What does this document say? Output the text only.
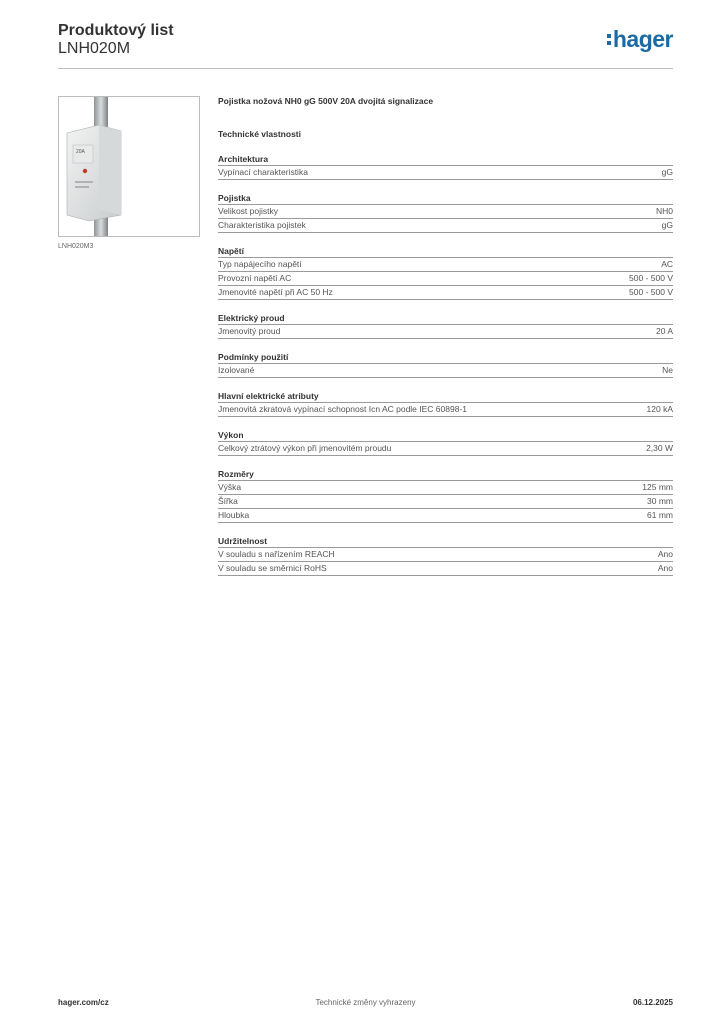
Produktový list
LNH020M	hager
20A
LNH020M3
Pojistka nožová NH0 gG 500V 20A dvojitá signalizace
Technické vlastnosti
Architektura
Vypínací charakteristika	gG
Pojistka
Velikost pojistky	NH0
Charakteristika pojistek	gG
Napětí
Typ napájecího napětí	AC
Provozní napětí AC	500 - 500 V
Jmenovité napětí při AC 50 Hz	500 - 500 V
Elektrický proud
Jmenovitý proud	20 A
Podmínky použití
Izolované	Ne
Hlavní elektrické atributy
Jmenovitá zkratová vypínací schopnost Icn AC podle IEC 60898-1	120 kA
Výkon
Celkový ztrátový výkon při jmenovitém proudu	2,30 W
Rozměry
Výška	125 mm
Šířka	30 mm
Hloubka	61 mm
Udržitelnost
V souladu s nařízením REACH	Ano
V souladu se směrnicí RoHS	Ano
hager.com/cz	Technické změny vyhrazeny	06.12.2025
